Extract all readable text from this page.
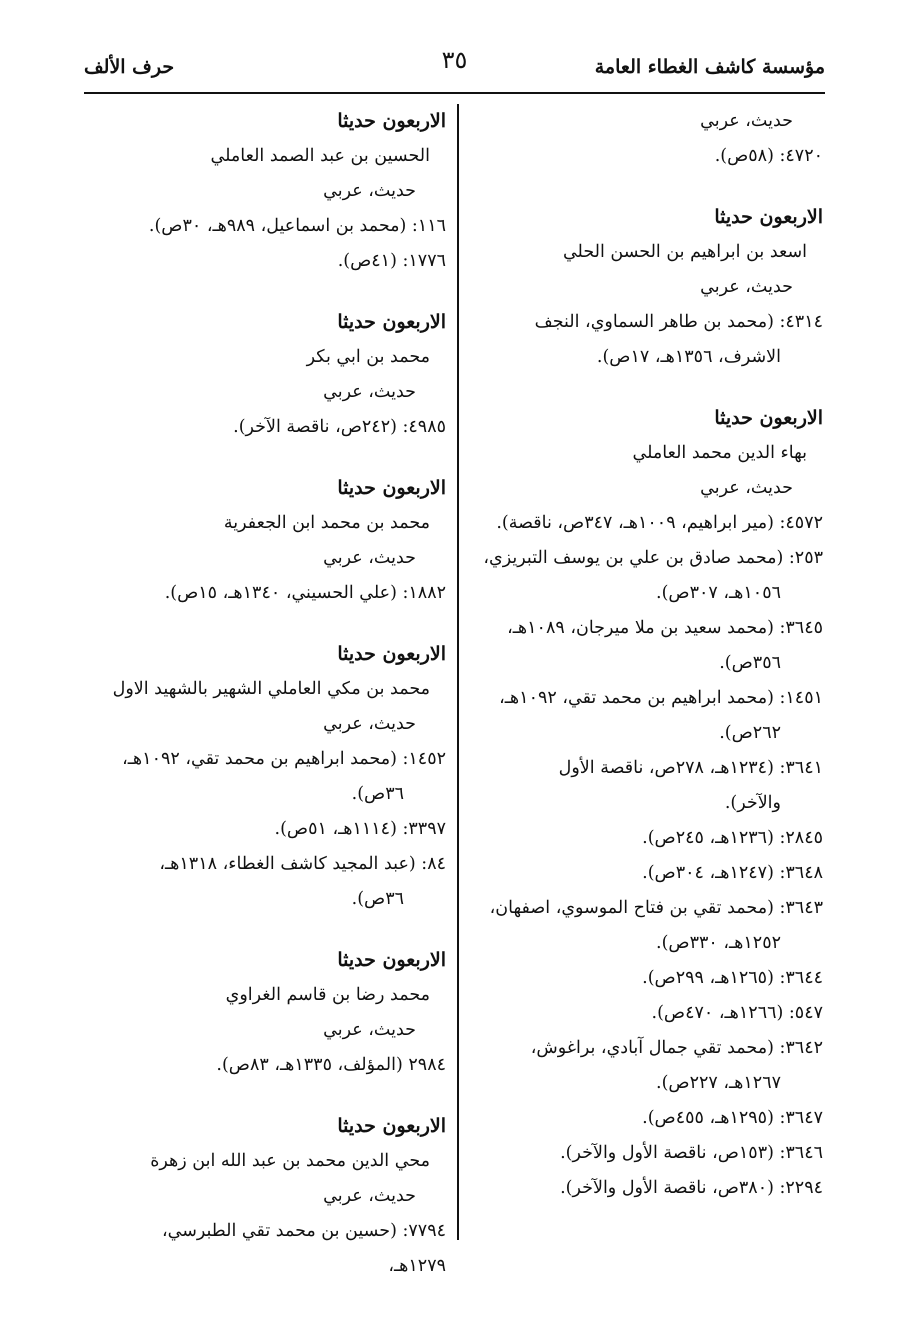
مؤسسة كاشف الغطاء العامة
٣٥
حرف الألف
حديث، عربي
٤٧٢٠: (٥٨ص).
الاربعون حديثا
اسعد بن ابراهيم بن الحسن الحلي
حديث، عربي
٤٣١٤: (محمد بن طاهر السماوي، النجف
الاشرف، ١٣٥٦هـ، ١٧ص).
الاربعون حديثا
بهاء الدين محمد العاملي
حديث، عربي
٤٥٧٢: (مير ابراهيم، ١٠٠٩هـ، ٣٤٧ص، ناقصة).
٢٥٣: (محمد صادق بن علي بن يوسف التبريزي،
١٠٥٦هـ، ٣٠٧ص).
٣٦٤٥: (محمد سعيد بن ملا ميرجان، ١٠٨٩هـ،
٣٥٦ص).
١٤٥١: (محمد ابراهيم بن محمد تقي، ١٠٩٢هـ،
٢٦٢ص).
٣٦٤١: (١٢٣٤هـ، ٢٧٨ص، ناقصة الأول
والآخر).
٢٨٤٥: (١٢٣٦هـ، ٢٤٥ص).
٣٦٤٨: (١٢٤٧هـ، ٣٠٤ص).
٣٦٤٣: (محمد تقي بن فتاح الموسوي، اصفهان،
١٢٥٢هـ، ٣٣٠ص).
٣٦٤٤: (١٢٦٥هـ، ٢٩٩ص).
٥٤٧: (١٢٦٦هـ، ٤٧٠ص).
٣٦٤٢: (محمد تقي جمال آبادي، براغوش،
١٢٦٧هـ، ٢٢٧ص).
٣٦٤٧: (١٢٩٥هـ، ٤٥٥ص).
٣٦٤٦: (١٥٣ص، ناقصة الأول والآخر).
٢٢٩٤: (٣٨٠ص، ناقصة الأول والآخر).
الاربعون حديثا
الحسين بن عبد الصمد العاملي
حديث، عربي
١١٦: (محمد بن اسماعيل، ٩٨٩هـ، ٣٠ص).
١٧٧٦: (٤١ص).
الاربعون حديثا
محمد بن ابي بكر
حديث، عربي
٤٩٨٥: (٢٤٢ص، ناقصة الآخر).
الاربعون حديثا
محمد بن محمد ابن الجعفرية
حديث، عربي
١٨٨٢: (علي الحسيني، ١٣٤٠هـ، ١٥ص).
الاربعون حديثا
محمد بن مكي العاملي الشهير بالشهيد الاول
حديث، عربي
١٤٥٢: (محمد ابراهيم بن محمد تقي، ١٠٩٢هـ،
٣٦ص).
٣٣٩٧: (١١١٤هـ، ٥١ص).
٨٤: (عبد المجيد كاشف الغطاء، ١٣١٨هـ،
٣٦ص).
الاربعون حديثا
محمد رضا بن قاسم الغراوي
حديث، عربي
٢٩٨٤ (المؤلف، ١٣٣٥هـ، ٨٣ص).
الاربعون حديثا
محي الدين محمد بن عبد الله ابن زهرة
حديث، عربي
٧٧٩٤: (حسين بن محمد تقي الطبرسي، ١٢٧٩هـ،
